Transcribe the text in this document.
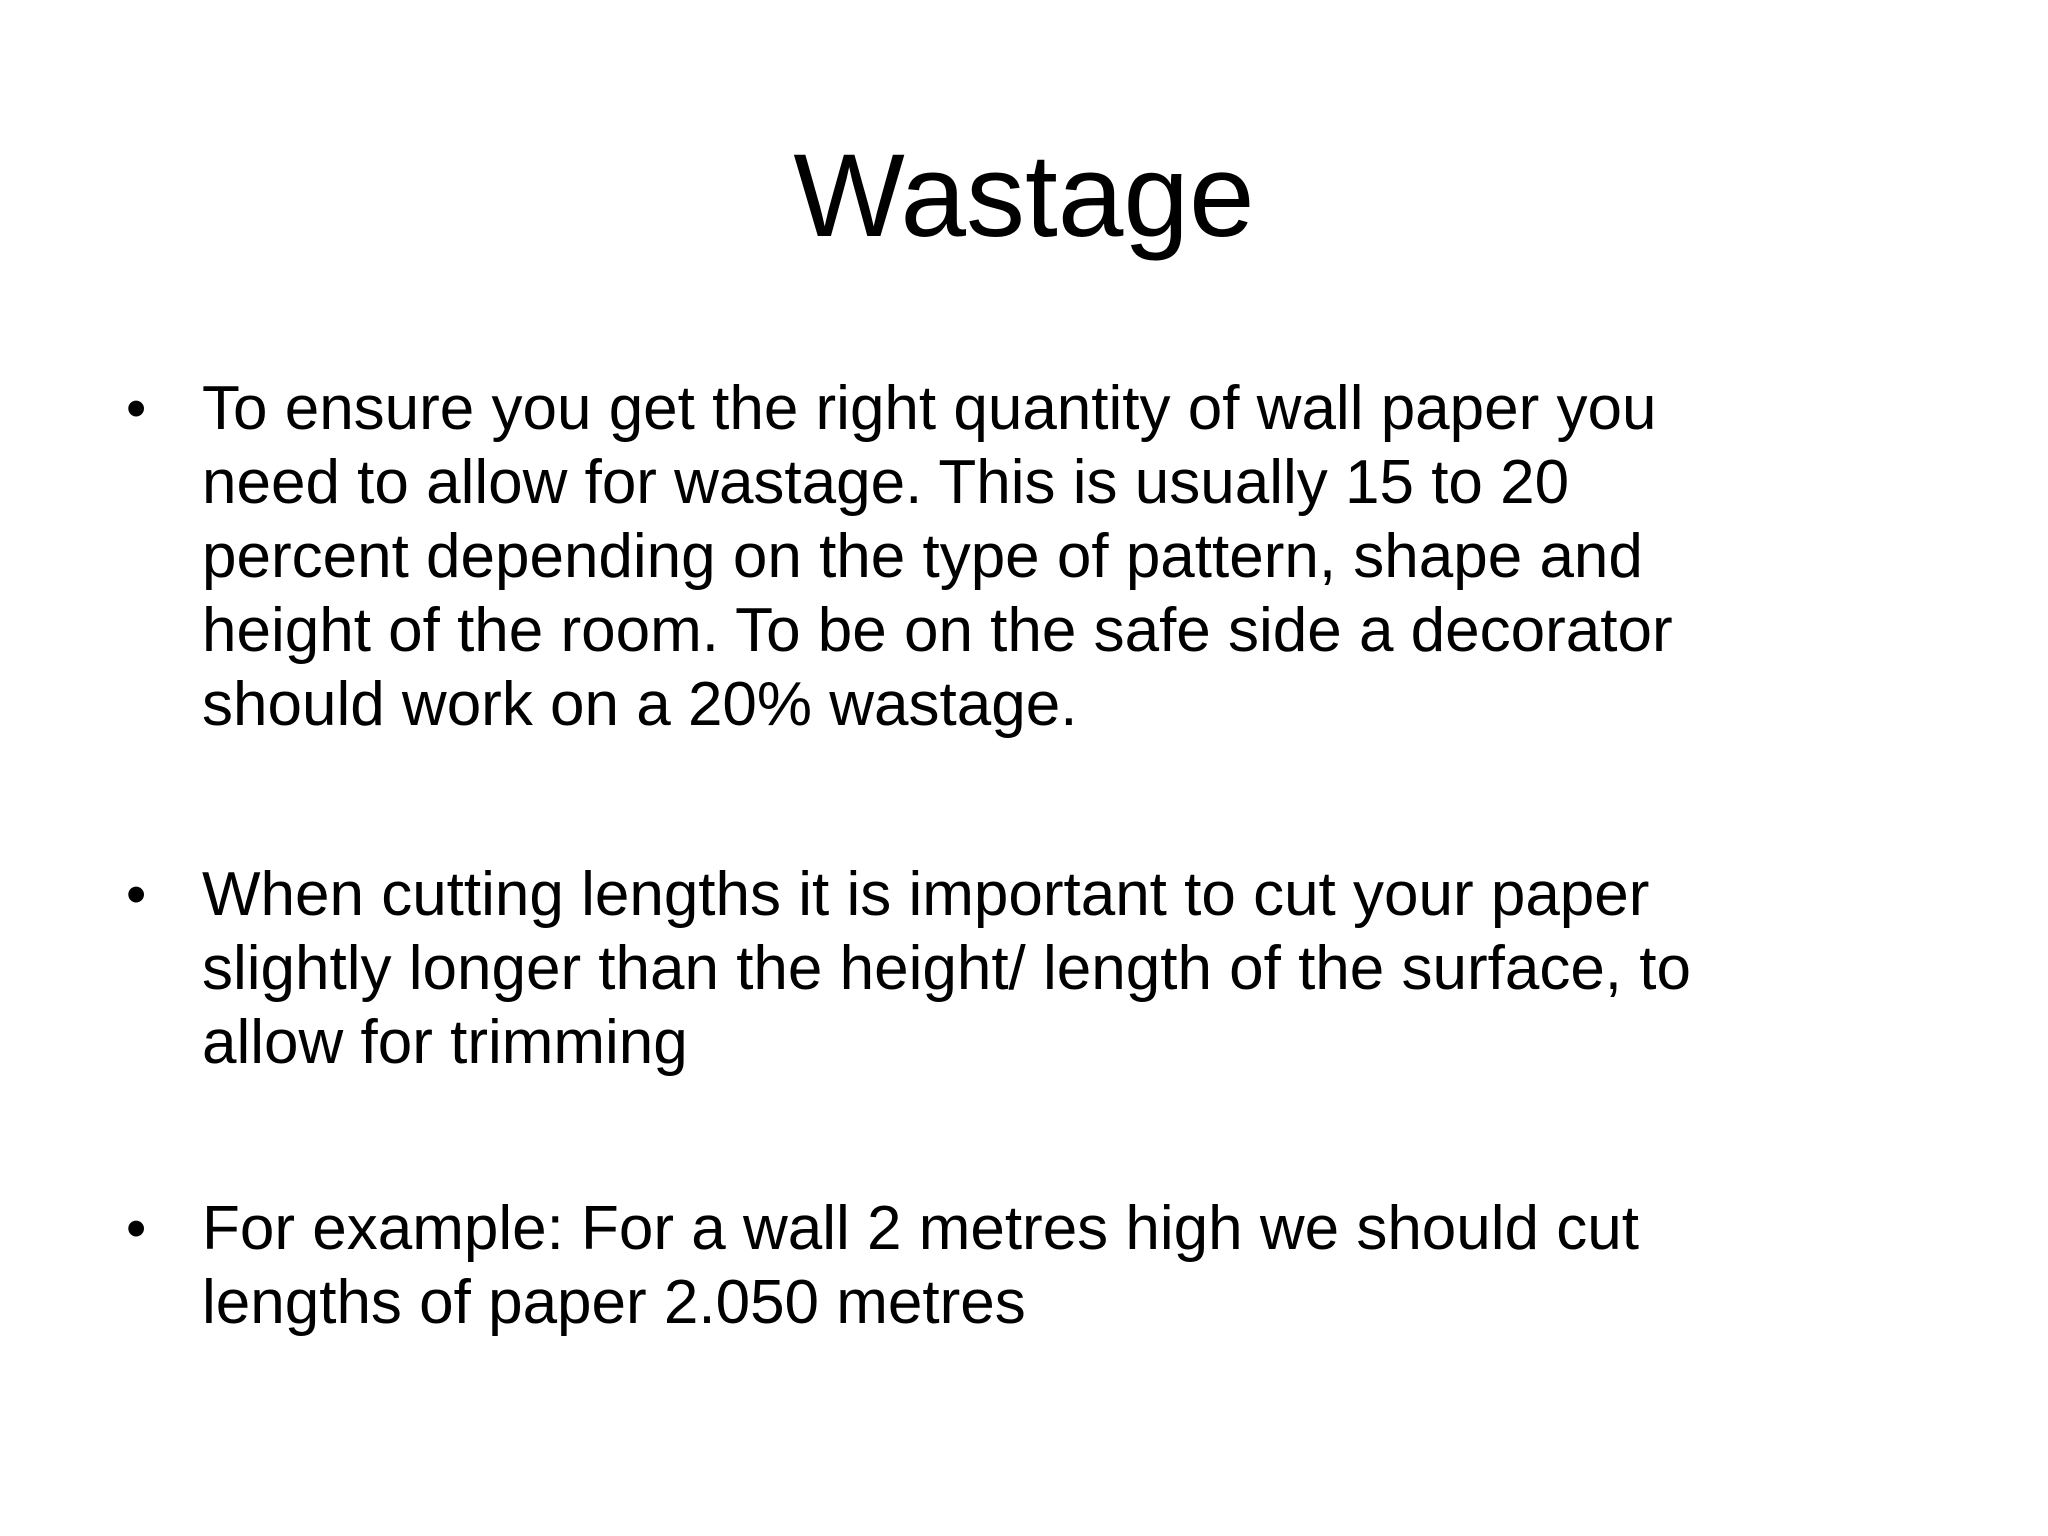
Wastage
• To ensure you get the right quantity of wall paper you
need to allow for wastage. This is usually 15 to 20
percent depending on the type of pattern, shape and
height of the room. To be on the safe side a decorator
should work on a 20% wastage.

• When cutting lengths it is important to cut your paper
slightly longer than the height/ length of the surface, to
allow for trimming

• For example: For a wall 2 metres high we should cut
lengths of paper 2.050 metres
